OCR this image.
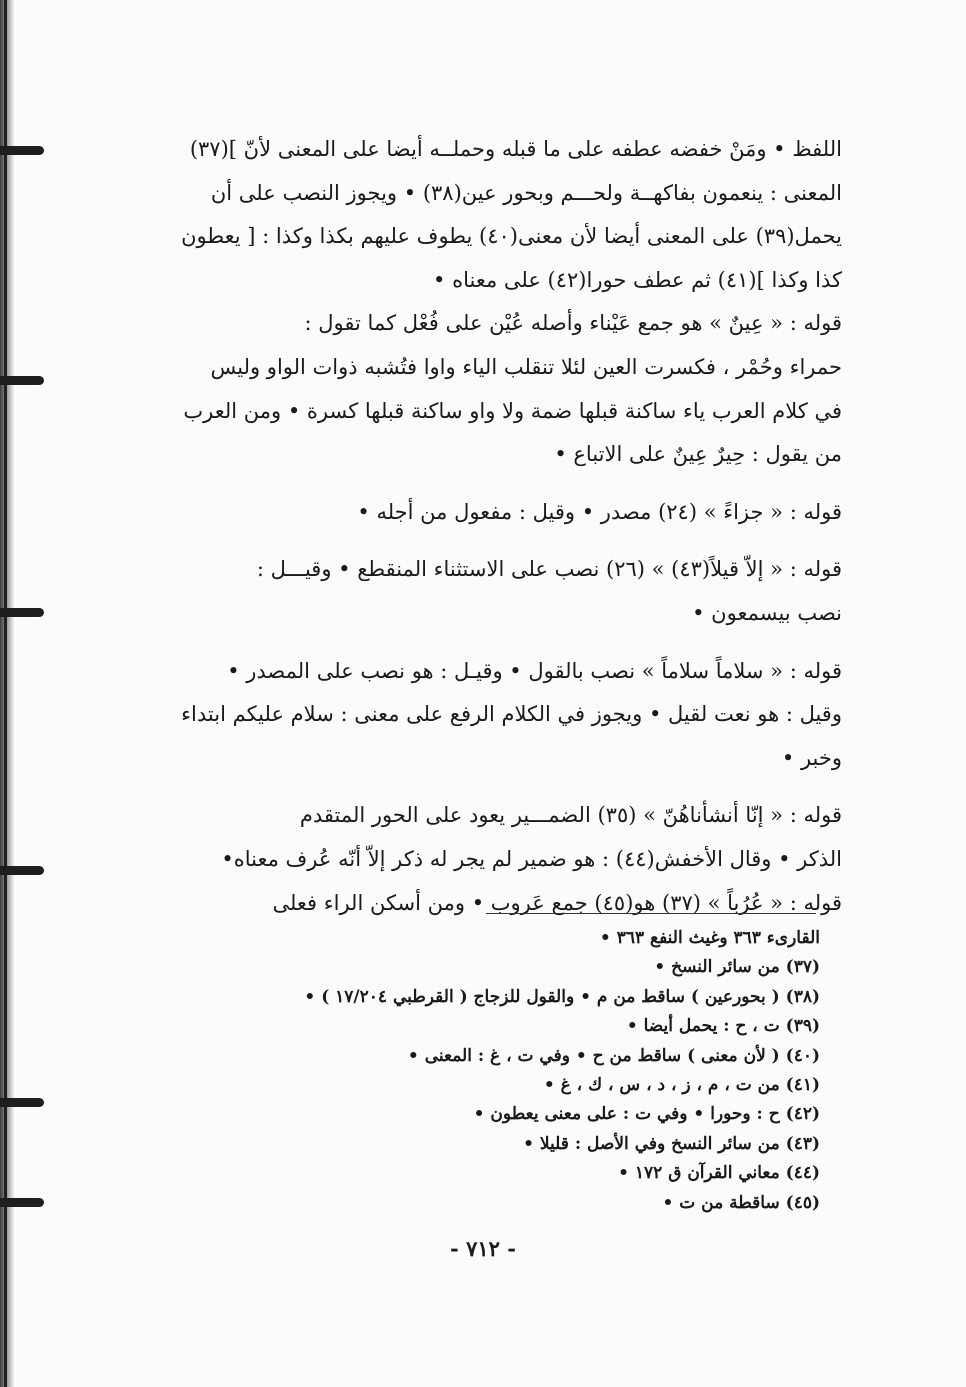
اللفظ • ومَنْ خفضه عطفه على ما قبله وحملــه أيضا على المعنى لأنّ ](٣٧)

المعنى : ينعمون بفاكهــة ولحـــم وبحور عين(٣٨) • ويجوز النصب على أن

يحمل(٣٩) على المعنى أيضا لأن معنى(٤٠) يطوف عليهم بكذا وكذا : [ يعطون

كذا وكذا ](٤١) ثم عطف حورا(٤٢) على معناه •

قوله : « عِينٌ » هو جمع عَيْناء وأصله عُيْن على فُعْل كما تقول :

حمراء وحُمْر ، فكسرت العين لئلا تنقلب الياء واوا فتُشبه ذوات الواو وليس

في كلام العرب ياء ساكنة قبلها ضمة ولا واو ساكنة قبلها كسرة • ومن العرب

من يقول : حِيرٌ عِينٌ على الاتباع •

قوله : « جزاءً » (٢٤) مصدر • وقيل : مفعول من أجله •

قوله : « إلاّ قيلاً(٤٣) » (٢٦) نصب على الاستثناء المنقطع • وقيـــل :

نصب بيسمعون •

قوله : « سلاماً سلاماً » نصب بالقول • وقيـل : هو نصب على المصدر •

وقيل : هو نعت لقيل • ويجوز في الكلام الرفع على معنى : سلام عليكم ابتداء

وخبر •

قوله : « إنّا أنشأناهُنّ » (٣٥) الضمـــير يعود على الحور المتقدم

الذكر • وقال الأخفش(٤٤) : هو ضمير لم يجر له ذكر إلاّ أنّه عُرف معناه•

قوله : « عُرُباً » (٣٧) هو(٤٥) جمع عَروب • ومن أسكن الراء فعلى

القارىء ٣٦٣ وغيث النفع ٣٦٣ •
(٣٧) من سائر النسخ •
(٣٨) ( بحورعين ) ساقط من م • والقول للزجاج ( القرطبي ١٧/٢٠٤ ) •
(٣٩) ت ، ح : يحمل أيضا •
(٤٠) ( لأن معنى ) ساقط من ح • وفي ت ، غ : المعنى •
(٤١) من ت ، م ، ز ، د ، س ، ك ، غ •
(٤٢) ح : وحورا • وفي ت : على معنى يعطون •
(٤٣) من سائر النسخ وفي الأصل : قليلا •
(٤٤) معاني القرآن ق ١٧٢ •
(٤٥) ساقطة من ت •
- ٧١٢ -
